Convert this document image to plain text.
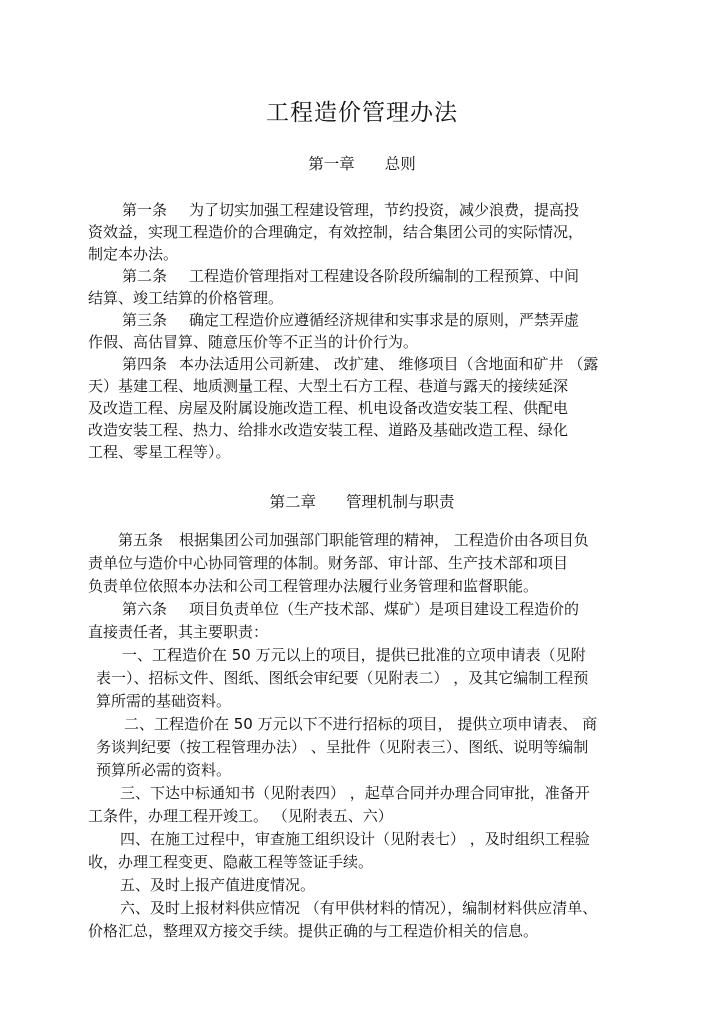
工程造价管理办法
第一章 总则
第一条 为了切实加强工程建设管理，节约投资，减少浪费，提高投
资效益，实现工程造价的合理确定，有效控制，结合集团公司的实际情况，
制定本办法。
第二条 工程造价管理指对工程建设各阶段所编制的工程预算、中间
结算、竣工结算的价格管理。
第三条 确定工程造价应遵循经济规律和实事求是的原则，严禁弄虚
作假、高估冒算、随意压价等不正当的计价行为。
第四条 本办法适用公司新建、 改扩建、 维修项目（含地面和矿井 （露
天）基建工程、地质测量工程、大型土石方工程、巷道与露天的接续延深
及改造工程、房屋及附属设施改造工程、机电设备改造安装工程、供配电
改造安装工程、热力、给排水改造安装工程、道路及基础改造工程、绿化
工程、零星工程等）。
第二章 管理机制与职责
第五条 根据集团公司加强部门职能管理的精神， 工程造价由各项目负
责单位与造价中心协同管理的体制。财务部、审计部、生产技术部和项目
负责单位依照本办法和公司工程管理办法履行业务管理和监督职能。
第六条 项目负责单位（生产技术部、煤矿）是项目建设工程造价的
直接责任者，其主要职责：
一、工程造价在 50 万元以上的项目，提供已批准的立项申请表（见附
表一）、招标文件、图纸、图纸会审纪要（见附表二） ，及其它编制工程预
算所需的基础资料。
二、工程造价在 50 万元以下不进行招标的项目， 提供立项申请表、 商
务谈判纪要（按工程管理办法） 、呈批件（见附表三）、图纸、说明等编制
预算所必需的资料。
三、下达中标通知书（见附表四） ，起草合同并办理合同审批，准备开
工条件，办理工程开竣工。 （见附表五、六）
四、在施工过程中，审查施工组织设计（见附表七） ，及时组织工程验
收，办理工程变更、隐蔽工程等签证手续。
五、及时上报产值进度情况。
六、及时上报材料供应情况 （有甲供材料的情况），编制材料供应清单、
价格汇总，整理双方接交手续。提供正确的与工程造价相关的信息。
